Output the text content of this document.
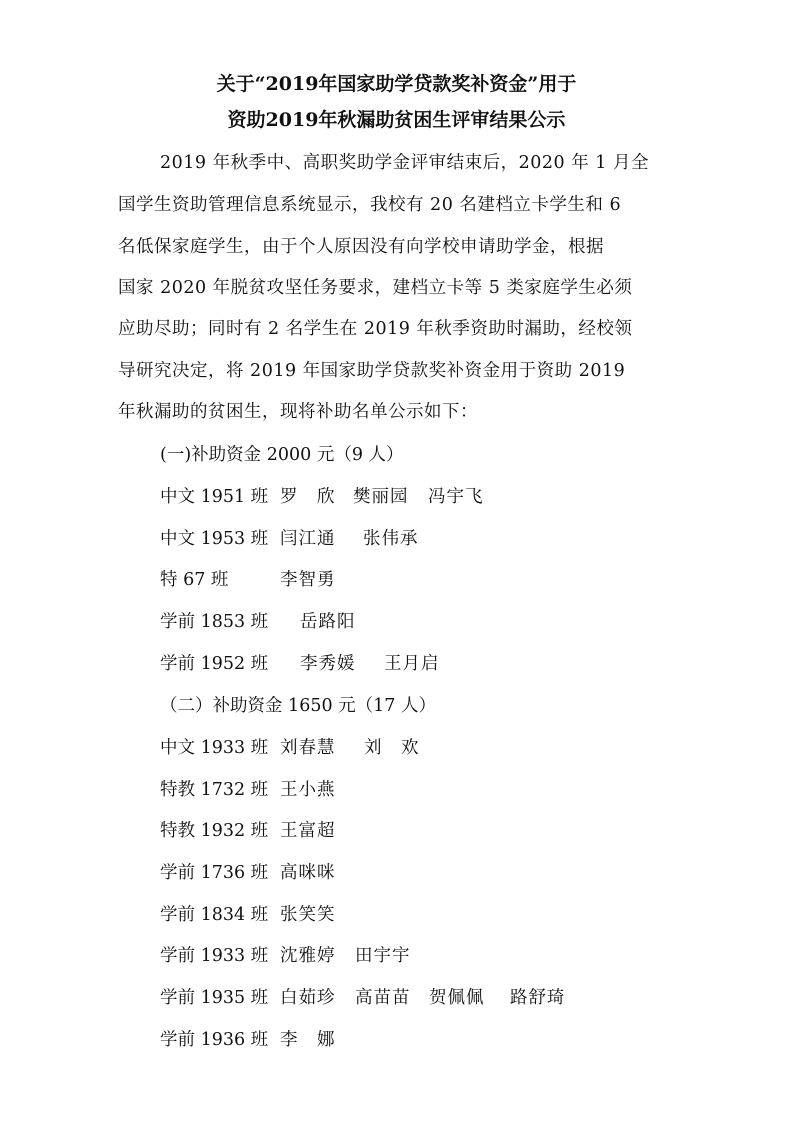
关于“2019年国家助学贷款奖补资金”用于
资助2019年秋漏助贫困生评审结果公示
2019 年秋季中、高职奖助学金评审结束后，2020 年 1 月全
国学生资助管理信息系统显示，我校有 20 名建档立卡学生和 6
名低保家庭学生，由于个人原因没有向学校申请助学金，根据
国家 2020 年脱贫攻坚任务要求，建档立卡等 5 类家庭学生必须
应助尽助；同时有 2 名学生在 2019 年秋季资助时漏助，经校领
导研究决定，将 2019 年国家助学贷款奖补资金用于资助 2019
年秋漏助的贫困生，现将补助名单公示如下：
(一)补助资金 2000 元（9 人）
中文 1951 班 罗　欣 樊丽园 冯宇飞
中文 1953 班 闫江通 张伟承
特 67 班	李智勇
学前 1853 班 岳路阳
学前 1952 班 李秀媛 王月启
（二）补助资金 1650 元（17 人）
中文 1933 班 刘春慧 刘　欢
特教 1732 班 王小燕
特教 1932 班 王富超
学前 1736 班 高咪咪
学前 1834 班 张笑笑
学前 1933 班 沈雅婷 田宇宇
学前 1935 班 白茹珍 高苗苗 贺佩佩 路舒琦
学前 1936 班 李　娜
